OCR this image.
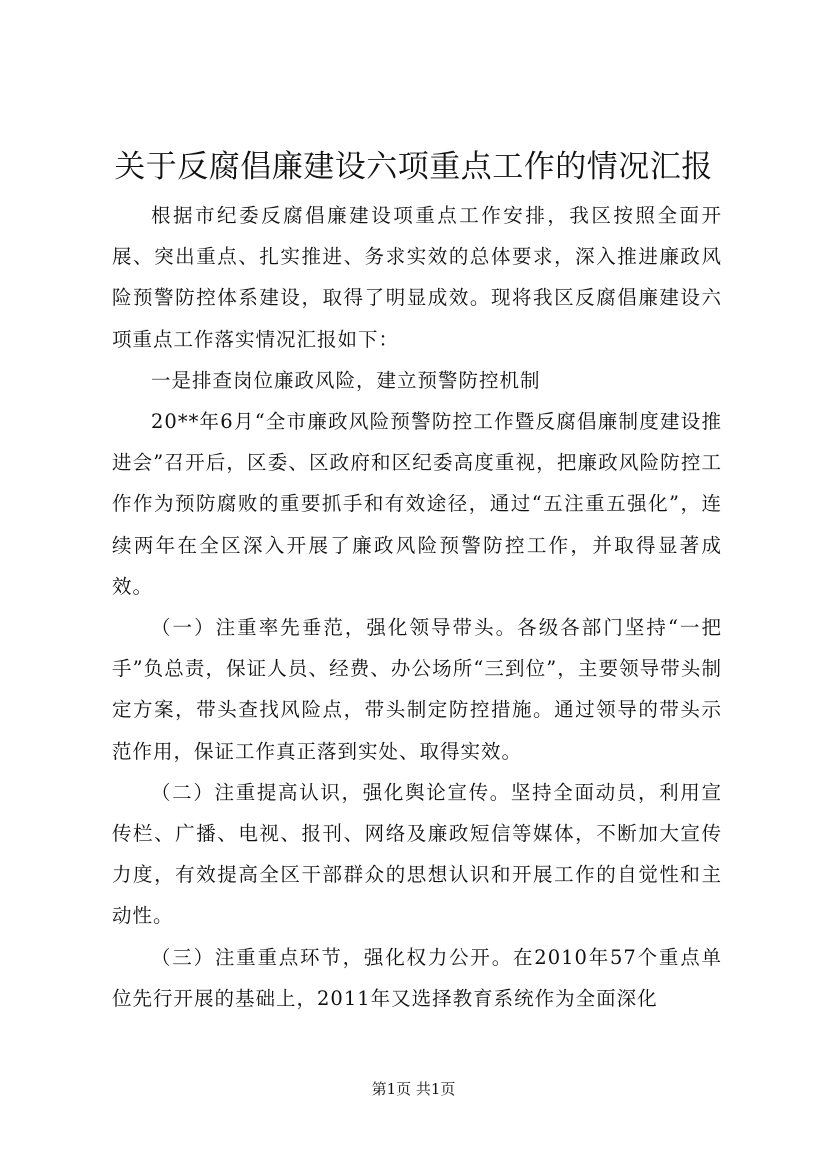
关于反腐倡廉建设六项重点工作的情况汇报

根据市纪委反腐倡廉建设项重点工作安排，我区按照全面开展、突出重点、扎实推进、务求实效的总体要求，深入推进廉政风险预警防控体系建设，取得了明显成效。现将我区反腐倡廉建设六项重点工作落实情况汇报如下：

一是排查岗位廉政风险，建立预警防控机制

20**年6月“全市廉政风险预警防控工作暨反腐倡廉制度建设推进会”召开后，区委、区政府和区纪委高度重视，把廉政风险防控工作作为预防腐败的重要抓手和有效途径，通过“五注重五强化”，连续两年在全区深入开展了廉政风险预警防控工作，并取得显著成效。

（一）注重率先垂范，强化领导带头。各级各部门坚持“一把手”负总责，保证人员、经费、办公场所“三到位”，主要领导带头制定方案，带头查找风险点，带头制定防控措施。通过领导的带头示范作用，保证工作真正落到实处、取得实效。

（二）注重提高认识，强化舆论宣传。坚持全面动员，利用宣传栏、广播、电视、报刊、网络及廉政短信等媒体，不断加大宣传力度，有效提高全区干部群众的思想认识和开展工作的自觉性和主动性。

（三）注重重点环节，强化权力公开。在2010年57个重点单位先行开展的基础上，2011年又选择教育系统作为全面深化

第1页 共1页
